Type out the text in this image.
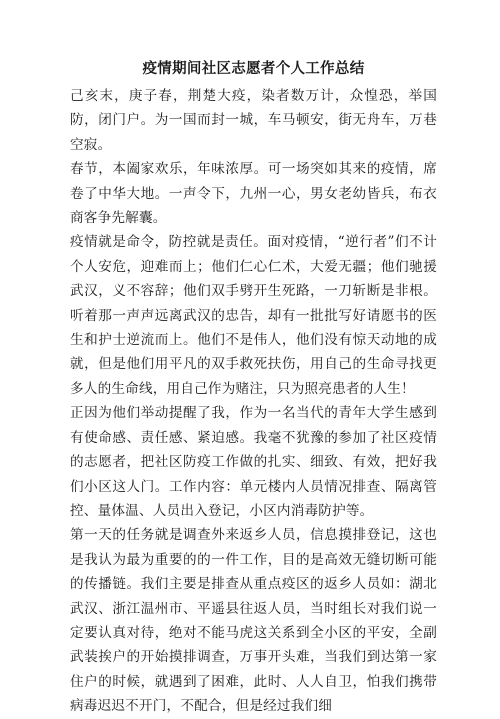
疫情期间社区志愿者个人工作总结

己亥末，庚子春，荆楚大疫，染者数万计，众惶恐，举国防，闭门户。为一国而封一城，车马顿安，街无舟车，万巷空寂。

春节，本阖家欢乐，年味浓厚。可一场突如其来的疫情，席卷了中华大地。一声令下，九州一心，男女老幼皆兵，布衣商客争先解囊。

疫情就是命令，防控就是责任。面对疫情，“逆行者”们不计个人安危，迎难而上；他们仁心仁术，大爱无疆；他们驰援武汉，义不容辞；他们双手劈开生死路，一刀斩断是非根。听着那一声声远离武汉的忠告，却有一批批写好请愿书的医生和护士逆流而上。他们不是伟人，他们没有惊天动地的成就，但是他们用平凡的双手救死扶伤，用自己的生命寻找更多人的生命线，用自己作为赌注，只为照亮患者的人生！

正因为他们举动提醒了我，作为一名当代的青年大学生感到有使命感、责任感、紧迫感。我毫不犹豫的参加了社区疫情的志愿者，把社区防疫工作做的扎实、细致、有效，把好我们小区这人门。工作内容：单元楼内人员情况排查、隔离管控、量体温、人员出入登记，小区内消毒防护等。

第一天的任务就是调查外来返乡人员，信息摸排登记，这也是我认为最为重要的的一件工作，目的是高效无缝切断可能的传播链。我们主要是排查从重点疫区的返乡人员如：湖北武汉、浙江温州市、平遥县往返人员，当时组长对我们说一定要认真对待，绝对不能马虎这关系到全小区的平安，全副武装挨户的开始摸排调查，万事开头难，当我们到达第一家住户的时候，就遇到了困难，此时、人人自卫，怕我们携带病毒迟迟不开门，不配合，但是经过我们细
